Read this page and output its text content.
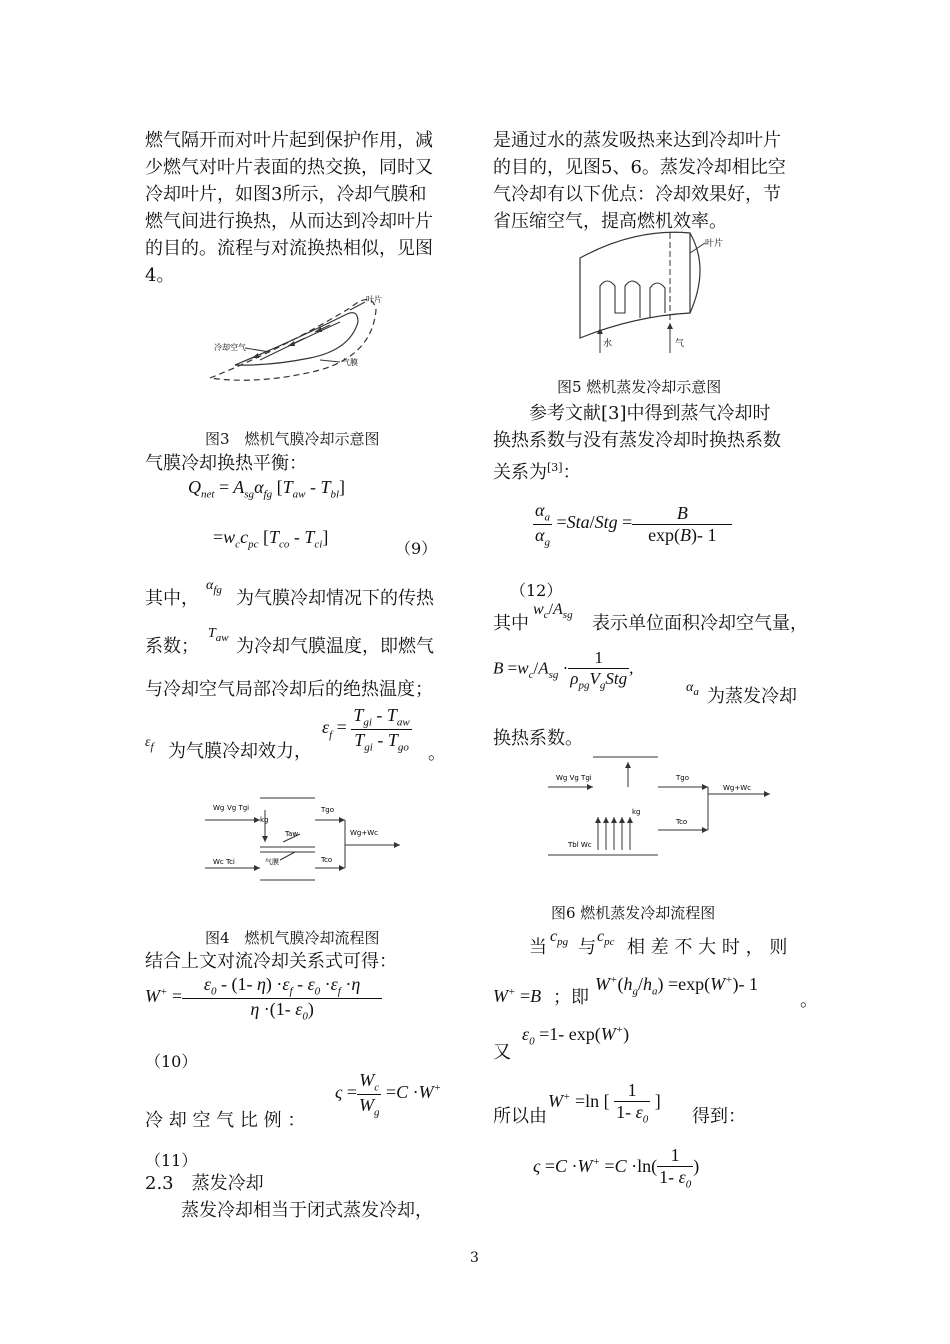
燃气隔开而对叶片起到保护作用，减
少燃气对叶片表面的热交换，同时又
冷却叶片，如图3所示，冷却气膜和
燃气间进行换热，从而达到冷却叶片
的目的。流程与对流换热相似，见图
4。
叶片
冷却空气
气膜
图3　燃机气膜冷却示意图
气膜冷却换热平衡：
$Q_{net} = A_{sg}\alpha_{fg}$ $[T_{aw} - T_{bl}]$
$=w_cc_{pc}$ $[T_{co} - T_{ci}]$
（9）
其中，
$\alpha_{fg}$ 为气膜冷却情况下的传热
系数；
$T_{aw}$ 为冷却气膜温度，即燃气
与冷却空气局部冷却后的绝热温度；
$\varepsilon_f$ 为气膜冷却效力，
$\varepsilon_f = \frac{T_{gi} - T_{aw}}{T_{gi} - T_{go}}$
。
Wg Vg Tgi	Tgo
kg
Taw	Wg+Wc
Wc Tci	气膜	Tco
图4　燃机气膜冷却流程图
结合上文对流冷却关系式可得：
$W^+ = \frac{\varepsilon_0 - (1- \eta) \cdot\varepsilon_f - \varepsilon_0 \cdot\varepsilon_f \cdot\eta}{\eta \cdot(1- \varepsilon_0)}$
（10）
$\varsigma = \frac{W_c}{W_g} =C \cdot W^+$
冷 却 空 气 比 例 ：
（11）
2.3　蒸发冷却
蒸发冷却相当于闭式蒸发冷却，
是通过水的蒸发吸热来达到冷却叶片
的目的，见图5、6。蒸发冷却相比空
气冷却有以下优点：冷却效果好，节
省压缩空气，提高燃机效率。
叶片
水	气
图5 燃机蒸发冷却示意图
参考文献[3]中得到蒸气冷却时
换热系数与没有蒸发冷却时换热系数
关系为[3]：
$\frac{\alpha_a}{\alpha_g} =Sta/Stg = \frac{B}{\exp(B)- 1}$
（12）
其中
$w_c/A_{sg}$ 表示单位面积冷却空气量，
$B =w_c/A_{sg} \cdot \frac{1}{\rho_{pg}V_gStg}$ ,
$\alpha_a$ 为蒸发冷却
换热系数。
Wg Vg Tgi	Tgo
kg
Tco
Wg+Wc
Tbl Wc
图6 燃机蒸发冷却流程图
当
$c_{pg}$ 与
$c_{pc}$ 相 差 不 大 时 ， 则
W+ =B ；即
$W^+(h_g/h_a) =\exp(W^+)-$ 1
。
$\varepsilon_0 =1-$ exp(W+)
又
W+ =ln [ $\frac{1}{1- \varepsilon_0}$ ]
所以由	得到：
$\varsigma =C \cdot W^+ =C \cdot\ln( \frac{1}{1- \varepsilon_0}$ )
3
